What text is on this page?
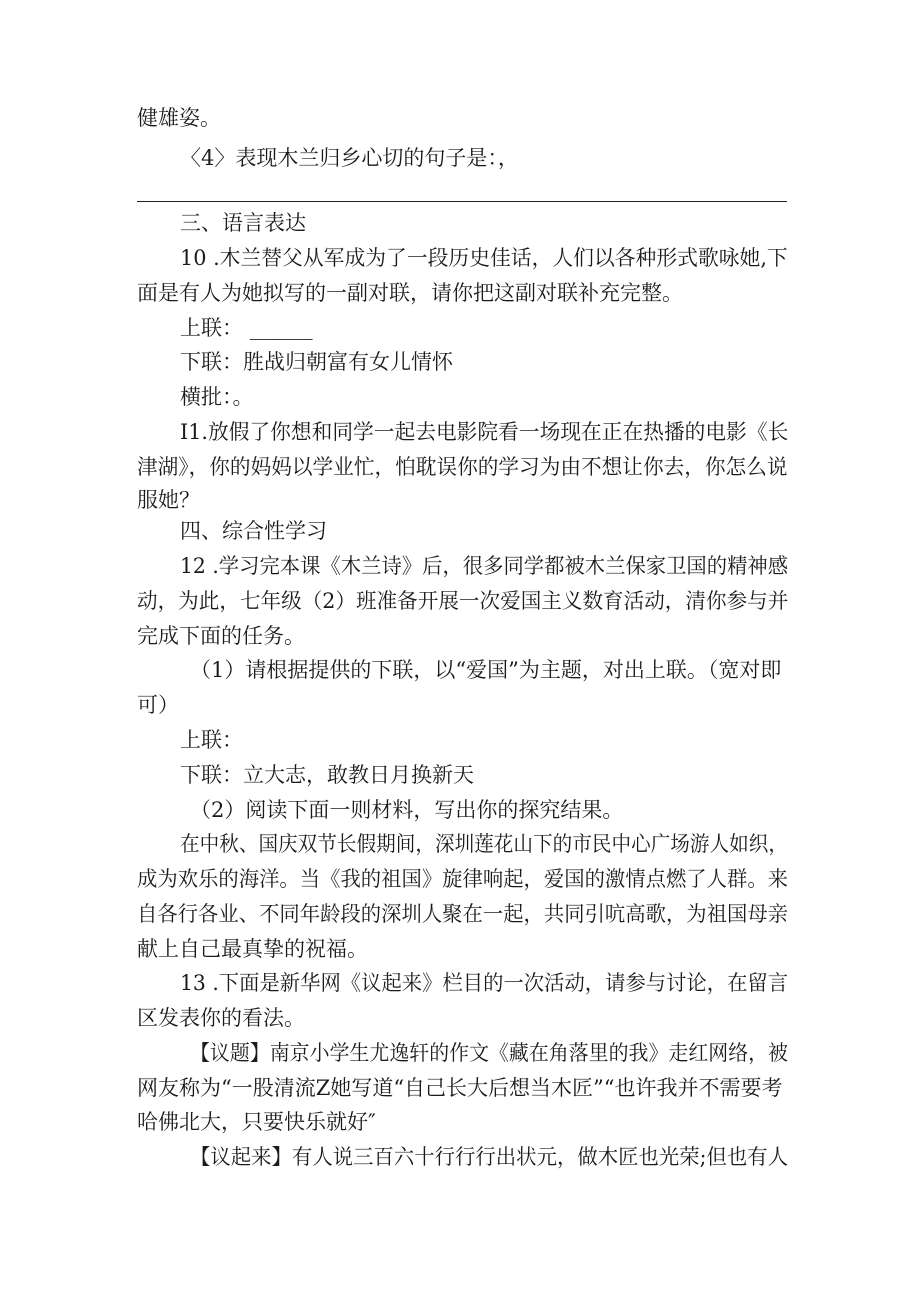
健雄姿。

〈4〉表现木兰归乡心切的句子是：，

三、语言表达

10 .木兰替父从军成为了一段历史佳话，人们以各种形式歌咏她,下

面是有人为她拟写的一副对联，请你把这副对联补充完整。

上联： ______

下联：胜战归朝富有女儿情怀

横批：。

I1.放假了你想和同学一起去电影院看一场现在正在热播的电影《长

津湖》，你的妈妈以学业忙，怕耽误你的学习为由不想让你去，你怎么说

服她？

四、综合性学习

12 .学习完本课《木兰诗》后，很多同学都被木兰保家卫国的精神感

动，为此，七年级（2）班准备开展一次爱国主义数育活动，清你参与并

完成下面的任务。

（1）请根据提供的下联，以“爱国”为主题，对出上联。（宽对即

可）

上联：

下联：立大志，敢教日月换新天

（2）阅读下面一则材料，写出你的探究结果。

在中秋、国庆双节长假期间，深圳莲花山下的市民中心广场游人如织，

成为欢乐的海洋。当《我的祖国》旋律响起，爱国的激情点燃了人群。来

自各行各业、不同年龄段的深圳人聚在一起，共同引吭高歌，为祖国母亲

献上自己最真挚的祝福。

13 .下面是新华网《议起来》栏目的一次活动，请参与讨论，在留言

区发表你的看法。

【议题】南京小学生尤逸轩的作文《藏在角落里的我》走红网络，被

网友称为“一股清流Z她写道“自己长大后想当木匠”“也许我并不需要考

哈佛北大，只要快乐就好″

【议起来】有人说三百六十行行行出状元，做木匠也光荣;但也有人
